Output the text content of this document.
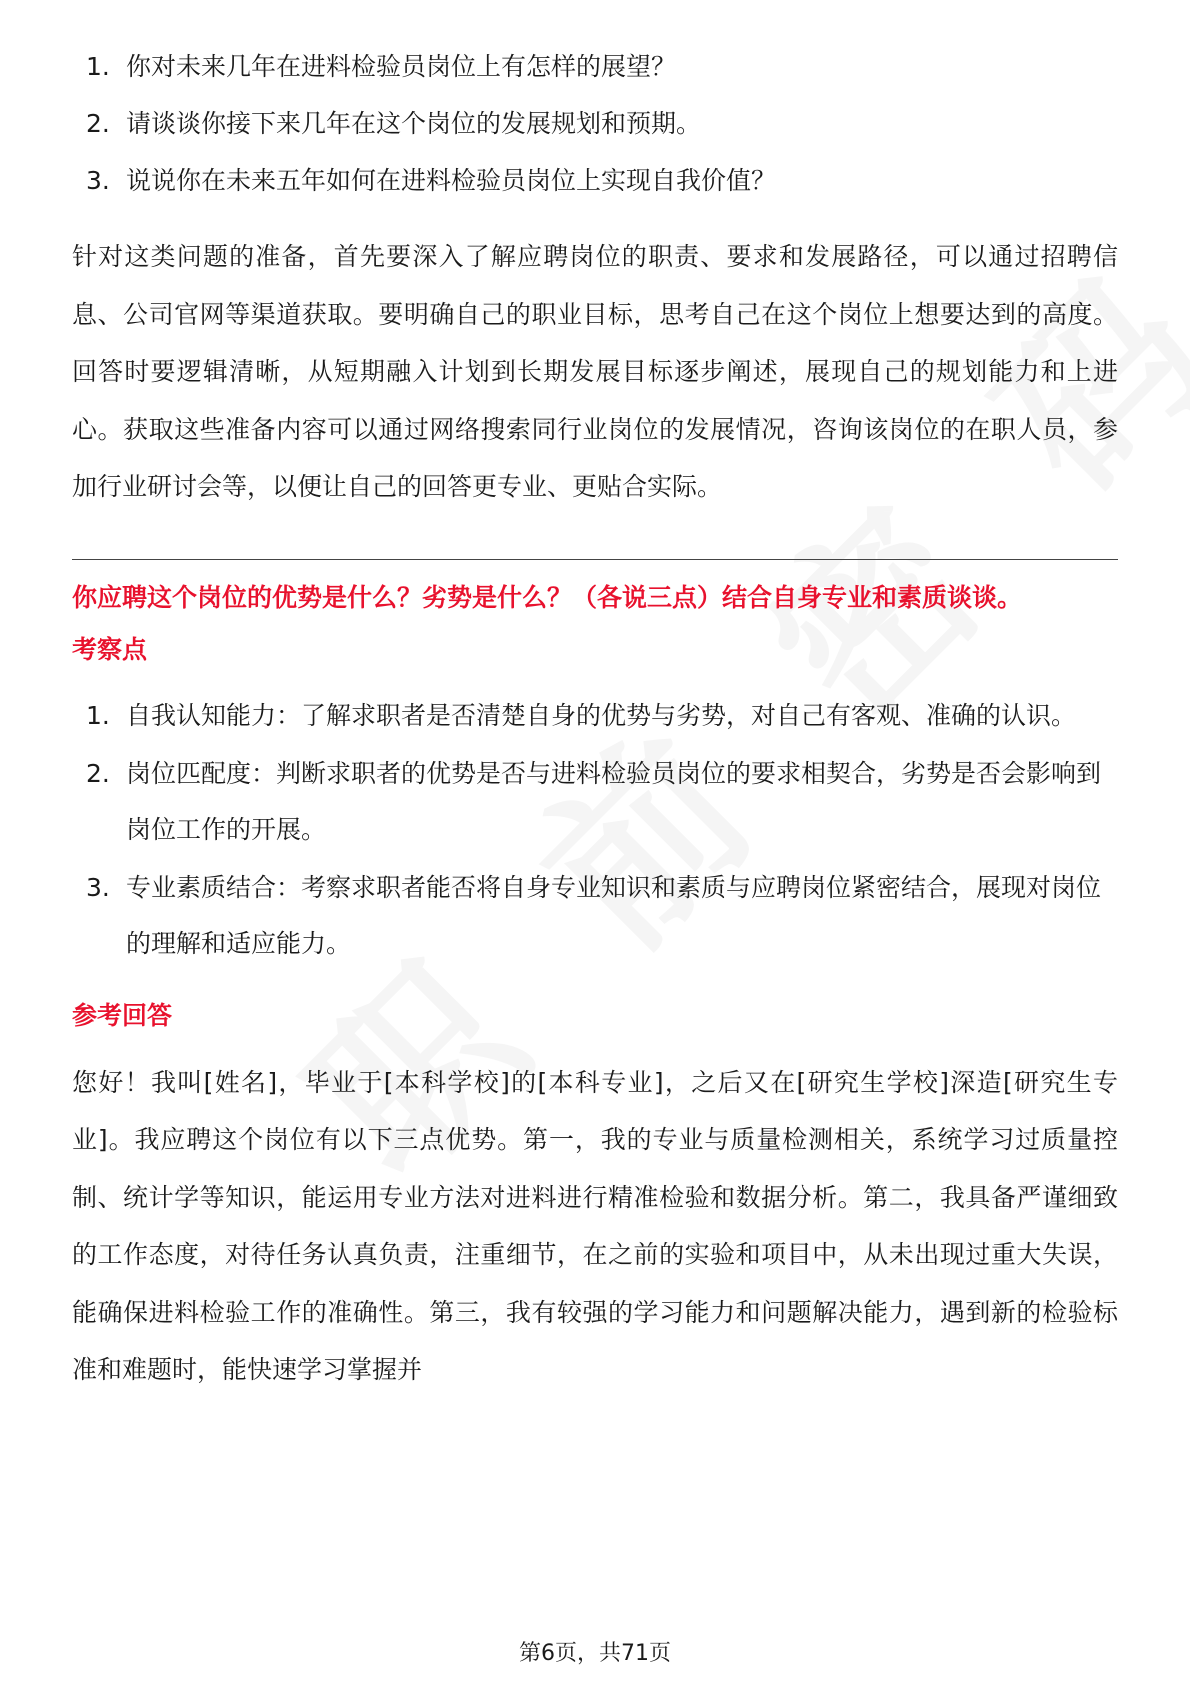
1. 你对未来几年在进料检验员岗位上有怎样的展望？
2. 请谈谈你接下来几年在这个岗位的发展规划和预期。
3. 说说你在未来五年如何在进料检验员岗位上实现自我价值？

针对这类问题的准备，首先要深入了解应聘岗位的职责、要求和发展路径，可以通过招聘信息、公司官网等渠道获取。要明确自己的职业目标，思考自己在这个岗位上想要达到的高度。回答时要逻辑清晰，从短期融入计划到长期发展目标逐步阐述，展现自己的规划能力和上进心。获取这些准备内容可以通过网络搜索同行业岗位的发展情况，咨询该岗位的在职人员，参加行业研讨会等，以便让自己的回答更专业、更贴合实际。

你应聘这个岗位的优势是什么？劣势是什么？（各说三点）结合自身专业和素质谈谈。

考察点

1. 自我认知能力：了解求职者是否清楚自身的优势与劣势，对自己有客观、准确的认识。
2. 岗位匹配度：判断求职者的优势是否与进料检验员岗位的要求相契合，劣势是否会影响到岗位工作的开展。
3. 专业素质结合：考察求职者能否将自身专业知识和素质与应聘岗位紧密结合，展现对岗位的理解和适应能力。

参考回答

您好！我叫[姓名]，毕业于[本科学校]的[本科专业]，之后又在[研究生学校]深造[研究生专业]。我应聘这个岗位有以下三点优势。第一，我的专业与质量检测相关，系统学习过质量控制、统计学等知识，能运用专业方法对进料进行精准检验和数据分析。第二，我具备严谨细致的工作态度，对待任务认真负责，注重细节，在之前的实验和项目中，从未出现过重大失误，能确保进料检验工作的准确性。第三，我有较强的学习能力和问题解决能力，遇到新的检验标准和难题时，能快速学习掌握并

第6页，共71页
